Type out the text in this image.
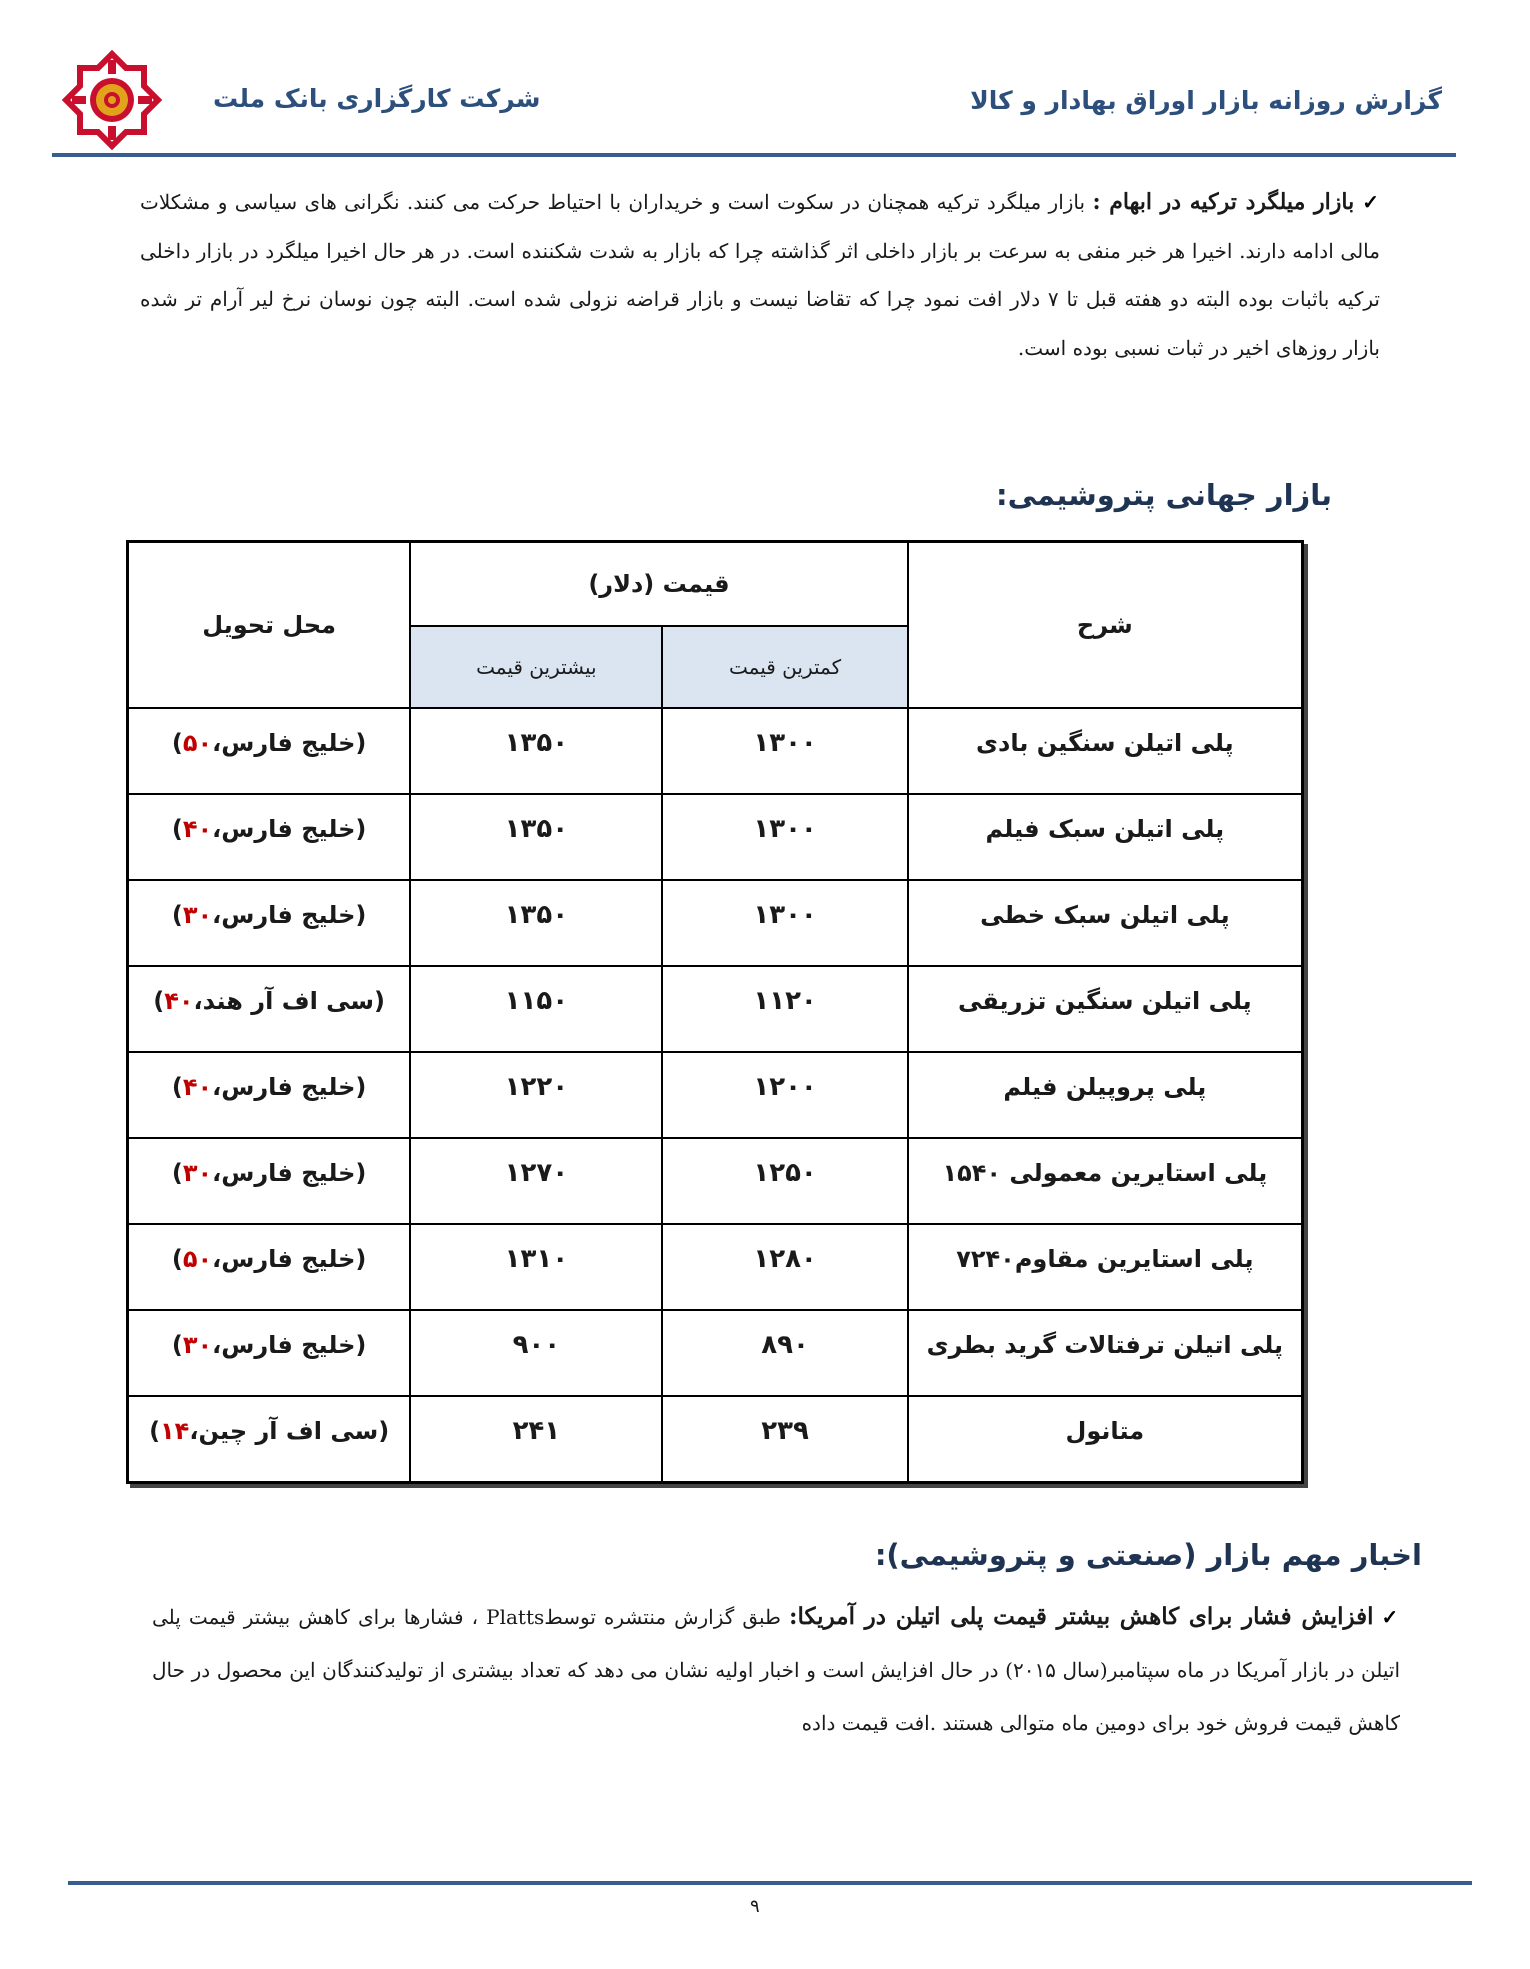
شرکت کارگزاری بانک ملت	گزارش روزانه بازار اوراق بهادار و کالا
✓بازار میلگرد ترکیه در ابهام : بازار میلگرد ترکیه همچنان در سکوت است و خریداران با احتیاط حرکت می کنند. نگرانی های سیاسی و مشکلات مالی ادامه دارند. اخیرا هر خبر منفی به سرعت بر بازار داخلی اثر گذاشته چرا که بازار به شدت شکننده است. در هر حال اخیرا میلگرد در بازار داخلی ترکیه باثبات بوده البته دو هفته قبل تا ۷ دلار افت نمود چرا که تقاضا نیست و بازار قراضه نزولی شده است. البته چون نوسان نرخ لیر آرام تر شده بازار روزهای اخیر در ثبات نسبی بوده است.
بازار جهانی پتروشیمی:
شرح	قیمت (دلار)		محل تحویل
	کمترین قیمت	بیشترین قیمت	
پلی اتیلن سنگین بادی	۱۳۰۰	۱۳۵۰	(خلیج فارس،۵۰)
پلی اتیلن سبک فیلم	۱۳۰۰	۱۳۵۰	(خلیج فارس،۴۰)
پلی اتیلن سبک خطی	۱۳۰۰	۱۳۵۰	(خلیج فارس،۳۰)
پلی اتیلن سنگین تزریقی	۱۱۲۰	۱۱۵۰	(سی اف آر هند،۴۰)
پلی پروپیلن فیلم	۱۲۰۰	۱۲۲۰	(خلیج فارس،۴۰)
پلی استایرین معمولی ۱۵۴۰	۱۲۵۰	۱۲۷۰	(خلیج فارس،۳۰)
پلی استایرین مقاوم۷۲۴۰	۱۲۸۰	۱۳۱۰	(خلیج فارس،۵۰)
پلی اتیلن ترفتالات گرید بطری	۸۹۰	۹۰۰	(خلیج فارس،۳۰)
متانول	۲۳۹	۲۴۱	(سی اف آر چین،۱۴)
اخبار مهم بازار (صنعتی و پتروشیمی):
✓افزایش فشار برای کاهش بیشتر قیمت پلی اتیلن در آمریکا: طبق گزارش منتشره توسطPlatts ، فشارها برای کاهش بیشتر قیمت پلی اتیلن در بازار آمریکا در ماه سپتامبر(سال ۲۰۱۵) در حال افزایش است و اخبار اولیه نشان می دهد که تعداد بیشتری از تولیدکنندگان این محصول در حال کاهش قیمت فروش خود برای دومین ماه متوالی هستند .افت قیمت داده
۹
